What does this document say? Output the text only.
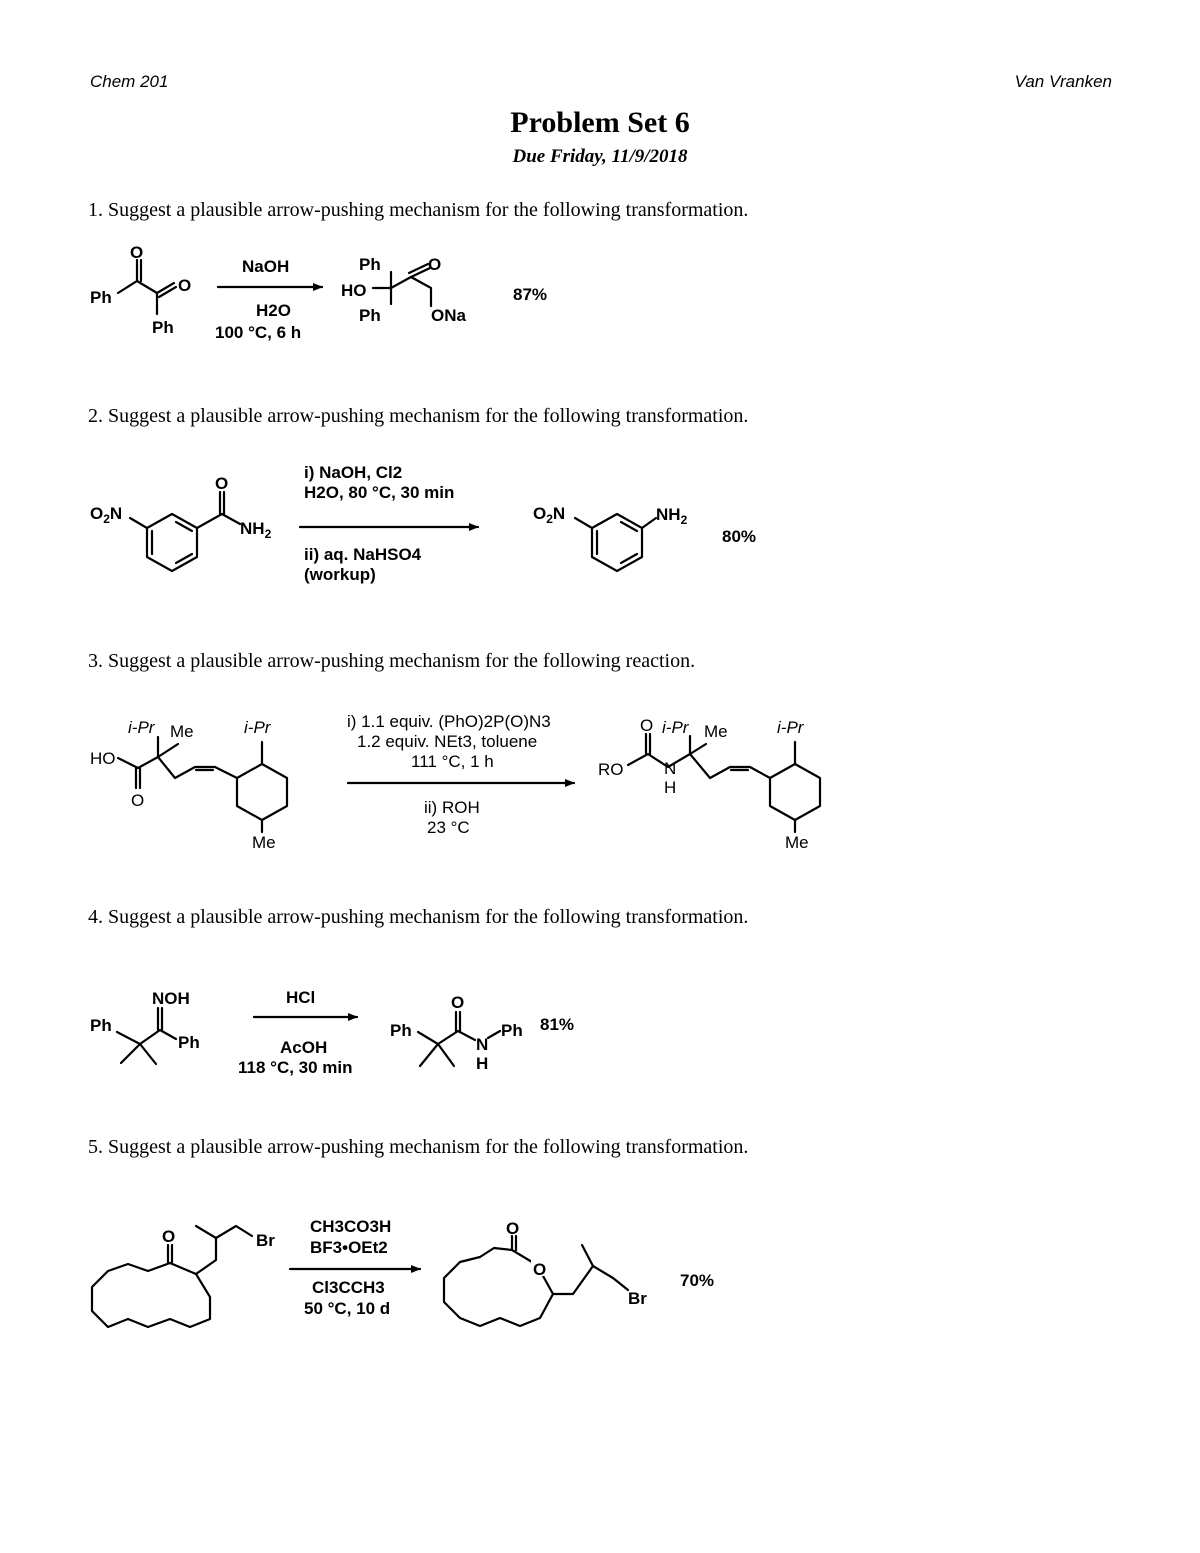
Chem 201	Van Vranken
Problem Set 6
Due Friday, 11/9/2018
1. Suggest a plausible arrow-pushing mechanism for the following transformation.
2. Suggest a plausible arrow-pushing mechanism for the following transformation.
3. Suggest a plausible arrow-pushing mechanism for the following reaction.
4. Suggest a plausible arrow-pushing mechanism for the following transformation.
5. Suggest a plausible arrow-pushing mechanism for the following transformation.
O
O
Ph
Ph
NaOH
H2O
100 °C, 6 h
Ph
HO
Ph
O
ONa
87%
O
$NH_2$
$O_2N$
i) NaOH, Cl2
H2O, 80 °C, 30 min
ii) aq. NaHSO4
(workup)
$NH_2$
$O_2N$
80%
HO
O
i-Pr Me	i-Pr
Me
i) 1.1 equiv. (PhO)2P(O)N3
1.2 equiv. NEt3, toluene
111 °C, 1 h
ii) ROH
23 °C
RO
O
N
H
i-Pr Me	i-Pr
Me
NOH
Ph
Ph
HCl
AcOH
118 °C, 30 min
O
Ph
N
H
Ph 81%
O	Br
CH3CO3H
BF3•OEt2
Cl3CCH3
50 °C, 10 d
O
O
Br
70%
